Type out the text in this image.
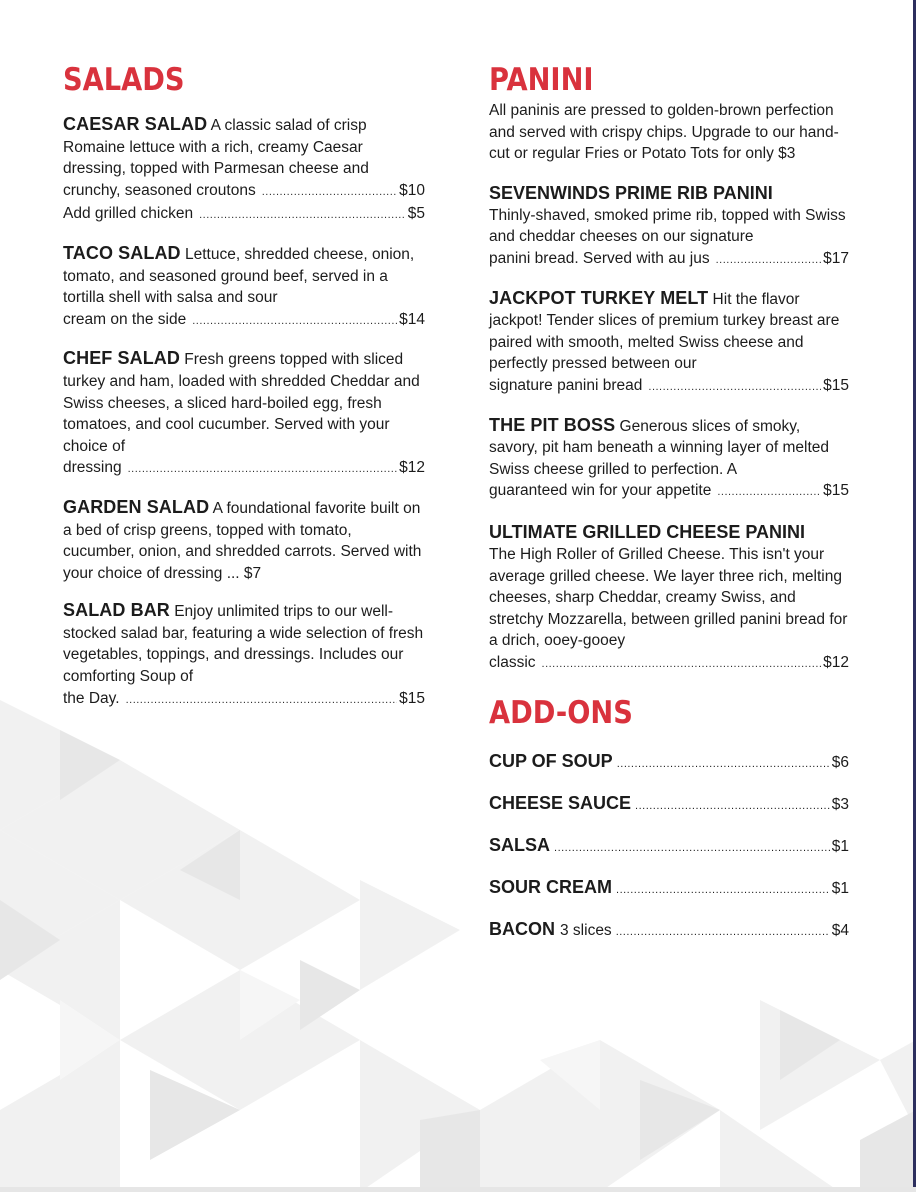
SALADS
CAESAR SALAD A classic salad of crisp Romaine lettuce with a rich, creamy Caesar dressing, topped with Parmesan cheese and
crunchy, seasoned croutons .....	$10
Add grilled chicken .....	$5
TACO SALAD Lettuce, shredded cheese, onion, tomato, and seasoned ground beef, served in a tortilla shell with salsa and sour
cream on the side .....	$14
CHEF SALAD Fresh greens topped with sliced turkey and ham, loaded with shredded Cheddar and Swiss cheeses, a sliced hard-boiled egg, fresh tomatoes, and cool cucumber. Served with your choice of
dressing .....	$12
GARDEN SALAD A foundational favorite built on a bed of crisp greens, topped with tomato, cucumber, onion, and shredded carrots. Served with your choice of dressing ... $7
SALAD BAR Enjoy unlimited trips to our well-stocked salad bar, featuring a wide selection of fresh vegetables, toppings, and dressings. Includes our comforting Soup of
the Day. .....	$15
PANINI
All paninis are pressed to golden-brown perfection and served with crispy chips. Upgrade to our hand-cut or regular Fries or Potato Tots for only $3
SEVENWINDS PRIME RIB PANINI
Thinly-shaved, smoked prime rib, topped with Swiss and cheddar cheeses on our signature
panini bread. Served with au jus .....	$17
JACKPOT TURKEY MELT Hit the flavor jackpot! Tender slices of premium turkey breast are paired with smooth, melted Swiss cheese and perfectly pressed between our
signature panini bread .....	$15
THE PIT BOSS Generous slices of smoky, savory, pit ham beneath a winning layer of melted Swiss cheese grilled to perfection. A
guaranteed win for your appetite .....	$15
ULTIMATE GRILLED CHEESE PANINI
The High Roller of Grilled Cheese. This isn't your average grilled cheese. We layer three rich, melting cheeses, sharp Cheddar, creamy Swiss, and stretchy Mozzarella, between grilled panini bread for a drich, ooey-gooey
classic .....	$12
ADD-ONS
CUP OF SOUP .....	$6
CHEESE SAUCE .....	$3
SALSA .....	$1
SOUR CREAM .....	$1
BACON 3 slices .....	$4
